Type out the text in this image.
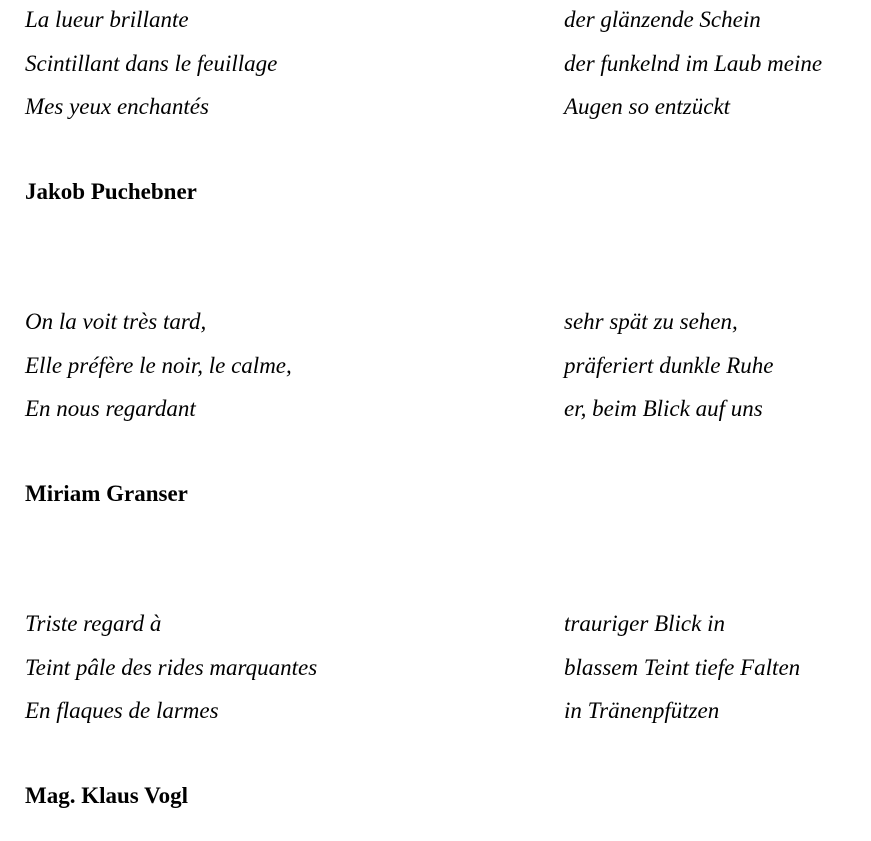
La lueur brillante	der glänzende Schein
Scintillant dans le feuillage	der funkelnd im Laub meine
Mes yeux enchantés	Augen so entzückt
Jakob Puchebner
On la voit très tard,	sehr spät zu sehen,
Elle préfère le noir, le calme,	präferiert dunkle Ruhe
En nous regardant	er, beim Blick auf uns
Miriam Granser
Triste regard à	trauriger Blick in
Teint pâle des rides marquantes	blassem Teint tiefe Falten
En flaques de larmes	in Tränenpfützen
Mag. Klaus Vogl
